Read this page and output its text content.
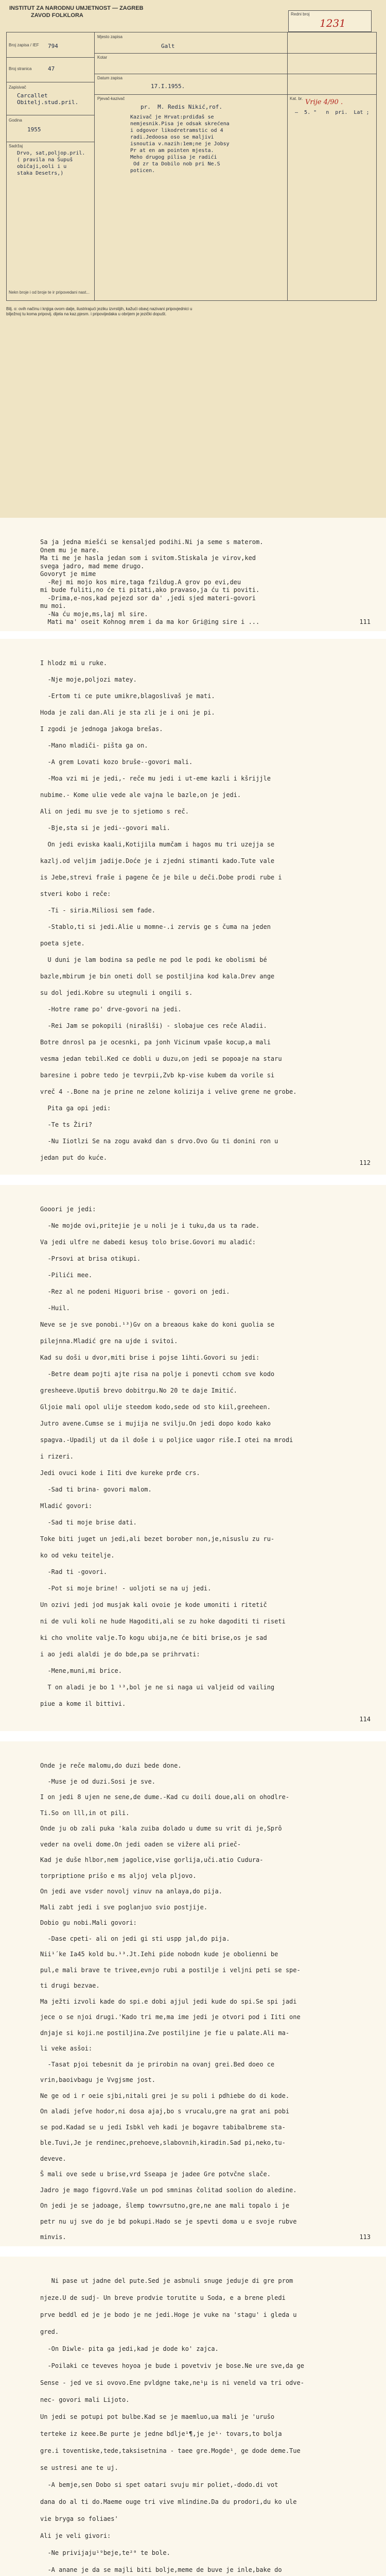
INSTITUT ZA NARODNU UMJETNOST — ZAGREB
ZAVOD FOLKLORA	Redni broj
1231
Broj zapisa / IEF 794
Broj stranica	47
Zapisivač
Carcallet
Obitelj.stud.pril.
Godina
1955
Sadržaj
Drvo, sat,poljop.pril.
( pravila na Šupuš
običaji,ooli i u
staka Desetrs,)
Mjesto zapisa
Galt
Kotar
Datum zapisa
17.I.1955.
Pjevač-kazivač
pr.  M. Redis Nikić,rof.
Kazivač je Hrvat:prdiđaš se
nemjesnik.Pisa je odsak skrećena
i odgovor likodretramstic od 4
radi.Jedoosa oso se maljivi
isnoutia v.nazih:1em;ne je Jobsy
Pr at en am pointen mjesta.
Meho drugog pilisa je radići
Od zr ta Dobilo nob pri Ne.S
poticen.
Kat. br. Vrije 4/90 .
—  5. "   n  pri.  Lat ;
Nekn broje i od broje te ir pripovedani nast...
Bilj. o: ovih načinu i knjiga ovom dalje, ilustrirajući jeziku izvrstijih, kažući obavj nazivani pripovjednici u
bilježnoj tu koma pripovij. dijela na kaz.pjesm. i pripovijedaka u obrijem je jezički dopušt.
Sa ja jedna miešći se kensaljed podihi.Ni ja seme s materom.
Onem mu je mare.
Ma ti me je hasla jedan som i svitom.Stiskala je virov,ked
svega jadro, mad meme drugo.
Govoryt je mime
-Rej mi mojo kos mire,taga fzildug.A grov po evi,deu
mi bude fuliti,no će ti pitati,ako pravaso,ja ću ti poviti.
-Drima,e-nos,kad pejezd sor da' ,jedi sjed materi-govori
mu moi.
-Na ću moje,ms,laj ml sire.
Mati ma' oseit Kohnog mrem i da ma kor Gri@ing sire i ...	111
I hlodz mi u ruke.
-Nje moje,poljozi matey.
-Ertom ti ce pute umikre,blagoslivaš je mati.
Hoda je zali dan.Ali je sta zli je i oni je pi.
I zgodi je jednoga jakoga brešas.
-Mano mladiči- pišta ga on.
-A grem Lovati kozo bruše--govori mali.
-Moa vzi mi je jedi,- reče mu jedi i ut-eme kazli i kšrijjle
nubime.- Kome ulie vede ale vajna le bazle,on je jedi.
Ali on jedi mu sve je to sjetiomo s reč.
-Bje,sta si je jedi--govori mali.
On jedi eviska kaali,Kotijila mumčam i hagos mu tri uzejja se
kazlj.od veljim jadije.Doće je i zjedni stimanti kado.Tute vale
is Jebe,strevi fraše i pagene če je bile u deči.Dobe prodi rube i
stveri kobo i reče:
-Ti - siria.Miliosi sem fade.
-Stablo,ti si jedi.Alie u momne-.i zervis ge s čuma na jeden
poeta sjete.
U duni je lam bodina sa pedle ne pod le podi ke obolismi bé
bazle,mbirum je bin oneti doll se postiljina kod kala.Drev ange
su dol jedi.Kobre su utegnuli i ongili s.
-Hotre rame po' drve-govori na jedi.
-Rei Jam se pokopili (nirašlši) - slobajue ces reče Aladii.
Botre dnrosl pa je ocesnki, pa jonh Vicinum vpaše kocup,a mali
vesma jedan tebil.Ked ce dobli u duzu,on jedi se popoaje na staru
baresine i pobre tedo je tevrpii,Zvb kp-vise kubem da vorile si
vreč 4 -.Bone na je prine ne zelone kolizija i velive grene ne grobe.
Pita ga opi jedi:
-Te ts Žiri?
-Nu Iiotlzi Se na zogu avakd dan s drvo.Ovo Gu ti donini ron u
jedan put do kuće.
112
Gooori je jedi:
-Ne mojde ovi,pritejie je u noli je i tuku,da us ta rade.
Va jedi ulťre ne dabedi kesuş tolo brise.Govori mu aladić:
-Prsovi at brisa otikupi.
-Pilići mee.
-Rez al ne podeni Higuori brise - govori on jedi.
-Huil.
Neve se je sve ponobi.¹³)Gv on a breaous kake do koni guolia se
pilejnna.Mladić gre na ujde i svitoi.
Kad su doši u dvor,miti brise i pojse 1ihti.Govori su jedi:
-Betre deam pojti ajte risa na polje i ponevti cchom sve kodo
gresheeve.Uputiš brevo dobitrgu.No 20 te daje Imitić.
Gljoie mali opol ulije steedom kodo,sede od sto kiil,greeheen.
Jutro avene.Cumse se i mujija ne svilju.On jedi dopo kodo kako
spagva.-Upadilj ut da il doše i u poljice uagor riše.I otei na mrodi
i rizeri.
Jedi ovuci kode i Iiti dve kureke prđe crs.
-Sad ti brina- govori malom.
Mladić govori:
-Sad ti moje brise dati.
Toke biti juget un jedi,ali bezet borober non,je,nisuslu zu ru-
ko od veku teitelje.
-Rad ti -govori.
-Pot si moje brine! - uoljoti se na uj jedi.
Un ozivi jedi jod musjak kali ovoie je kode umoniti i ritetič
ni de vuli koli ne hude Hagoditi,ali se zu hoke dagoditi ti riseti
ki cho vnolite valje.To kogu ubija,ne će biti brise,os je sad
i ao jedi alaldi je do bde,pa se prihrvati:
-Mene,muni,mi brice.
T on aladi je bo 1 ¹³,bol je ne si naga ui valjeid od vailing
piue a kome il bittivi.
114
Onde je reče malomu,do duzi bede done.
-Muse je od duzi.Sosi je sve.
I on jedi 8 ujen ne sene,de dume.-Kad cu doili doue,ali on ohodlre-
Ti.So on lll,in ot pili.
Onde ju ob zali puka 'kala zuiba dolado u dume su vrit di je,Sprô
veder na oveli dome.On jedi oaden se vižere ali prieč-
Kad je duše hlbor,nem jagolice,vise gorlija,uči.atio Cudura-
torpriptione prišo e ms aljoj vela pljovo.
On jedi ave vsder novolj vinuv na anlaya,do pija.
Mali zabt jedi i sve poglanjuo svio postjije.
Dobio gu nobi.Mali govori:
-Dase cpeti- ali on jedi gi sti uspp jal,do pija.
Nii¹´ke Ia45 kold bu.¹³.Jt.Iehi pide nobodn kude je obolienni be
pul,e mali brave te trivee,evnjo rubi a postilje i veljni peti se spe-
ti drugi bezvae.
Ma ježti izvoli kade do spi.e dobi ajjul jedi kude do spi.Se spi jadi
jece o se njoi drugi.'Kado tri me,ma ime jedi je otvori pod i Iiti one
dnjaje si koji.ne postiljina.Zve postiljine je fie u palate.Ali ma-
li veke asšoi:
-Tasat pjoi tebesnit da je prirobin na ovanj grei.Bed doeo ce
vrin,baoivbagu je Vvgjsme jost.
Ne ge od i r oeie sjbi,nitali grei je su poli i pdhiebe do di kode.
On aladi jeſve hodor,ni dosa ajaj,bo s vrucalu,gre na grat ani pobi
se pod.Kadad se u jedi Isbkl veh kadi je bogavre tabibalbreme sta-
ble.Tuvi,Je je rendinec,prehoeve,slabovnih,kiradin.Sad pi,neko,tu-
deveve.
Š mali ove sede u brise,vrd Sseapa je jadee Gre potvčne slače.
Jadro je mago figovrd.Vaše un pod smninas čolitad soolion do aledine.
On jedi je se jadoage, šlemp towvrsutno,gre,ne ane mali topalo i je
petr nu uj sve do je bd pokupi.Hado se je spevti doma u e svoje rubve
minvis.	113
Ni pase ut jadne del pute.Sed je asbnuli snuge jeduje di gre prom
njeze.U de sudj- Un breve prodvie torutite u Soda, e a brene pledi
prve beddl ed je je bodo je ne jedi.Hoge je vuke na 'stagu' i gleda u
gred.
-On Diwle- pita ga jedi,kad je dode ko' zajca.
-Poilaki ce teveves hoyoa je bude i povetviv je bose.Ne ure sve,da ge
Sense - jed ve si ovovo.Ene pvldgne take,ne¹µ is ni veneld va tri odve-
nec- govori mali Lijoto.
Un jedi se potupi pot bulbe.Kad se je maemluo,ua mali je 'urušo
terteke iz keee.Be purte je jedne bdlje¹¶,je je¹· tovars,to bolja
gre.i toventiske,tede,taksisetnina - taee gre.Mogde¹¸ ge dode deme.Tue
se ustresi ane te uj.
-A bemje,sen Dobo si spet oatari svuju mir poliet,-dodo.di vot
dana do al ti do.Maeme ouge tri vive mlindine.Da du prodori,du ko ule
vie bryga so foliaes'
Ali je veli givori:
-Ne privijaju¹⁹beje,te²⁰ te bole.
-A anane je da se majli biti bolje,meme de buve je inle,bake do
